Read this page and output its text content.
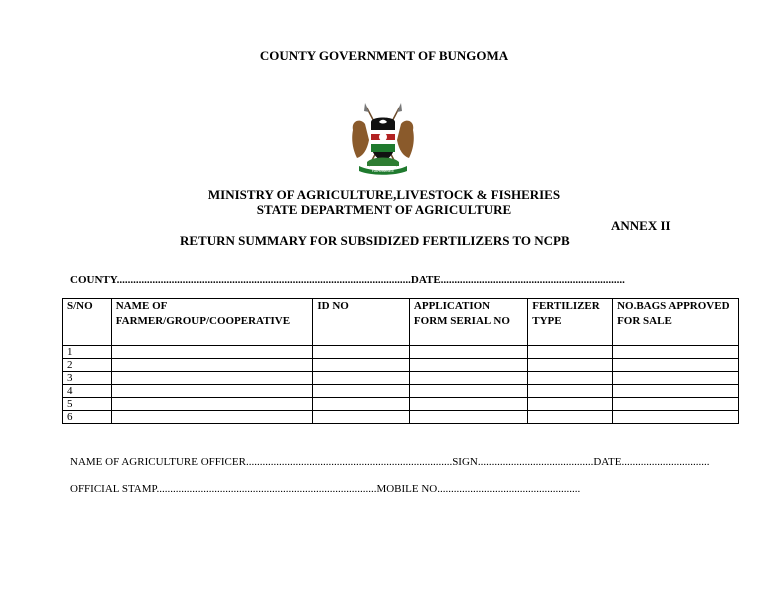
COUNTY GOVERNMENT OF BUNGOMA
HARAMBEE
MINISTRY OF AGRICULTURE,LIVESTOCK & FISHERIES
STATE DEPARTMENT OF AGRICULTURE
ANNEX II
RETURN SUMMARY FOR SUBSIDIZED FERTILIZERS TO NCPB
COUNTY...........................................................................................................DATE...................................................................
S/NO	NAME OF FARMER/GROUP/COOPERATIVE	ID NO	APPLICATION FORM SERIAL NO	FERTILIZER TYPE	NO.BAGS APPROVED FOR SALE
1					
2					
3					
4					
5					
6					
NAME OF AGRICULTURE OFFICER...........................................................................SIGN..........................................DATE................................
OFFICIAL STAMP................................................................................MOBILE NO....................................................
